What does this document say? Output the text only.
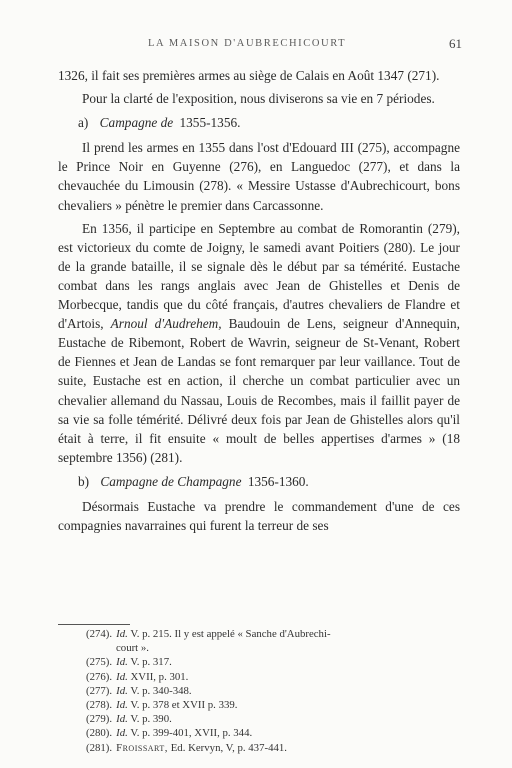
LA MAISON D'AUBRECHICOURT	61

1326, il fait ses premières armes au siège de Calais en Août 1347 (271).

Pour la clarté de l'exposition, nous diviserons sa vie en 7 périodes.

a) Campagne de 1355-1356.

Il prend les armes en 1355 dans l'ost d'Edouard III (275), accompagne le Prince Noir en Guyenne (276), en Languedoc (277), et dans la chevauchée du Limousin (278). « Messire Ustasse d'Aubrechicourt, bons chevaliers » pénètre le premier dans Carcassonne.

En 1356, il participe en Septembre au combat de Romorantin (279), est victorieux du comte de Joigny, le samedi avant Poitiers (280). Le jour de la grande bataille, il se signale dès le début par sa témérité. Eustache combat dans les rangs anglais avec Jean de Ghistelles et Denis de Morbecque, tandis que du côté français, d'autres chevaliers de Flandre et d'Artois, Arnoul d'Audrehem, Baudouin de Lens, seigneur d'Annequin, Eustache de Ribemont, Robert de Wavrin, seigneur de St-Venant, Robert de Fiennes et Jean de Landas se font remarquer par leur vaillance. Tout de suite, Eustache est en action, il cherche un combat particulier avec un chevalier allemand du Nassau, Louis de Recombes, mais il faillit payer de sa vie sa folle témérité. Délivré deux fois par Jean de Ghistelles alors qu'il était à terre, il fit ensuite « moult de belles appertises d'armes » (18 septembre 1356) (281).

b) Campagne de Champagne 1356-1360.

Désormais Eustache va prendre le commandement d'une de ces compagnies navarraines qui furent la terreur de ses

(274). Id. V. p. 215. Il y est appelé « Sanche d'Aubrechi-
court ».
(275). Id. V. p. 317.
(276). Id. XVII, p. 301.
(277). Id. V. p. 340-348.
(278). Id. V. p. 378 et XVII p. 339.
(279). Id. V. p. 390.
(280). Id. V. p. 399-401, XVII, p. 344.
(281). Froissart, Ed. Kervyn, V, p. 437-441.
